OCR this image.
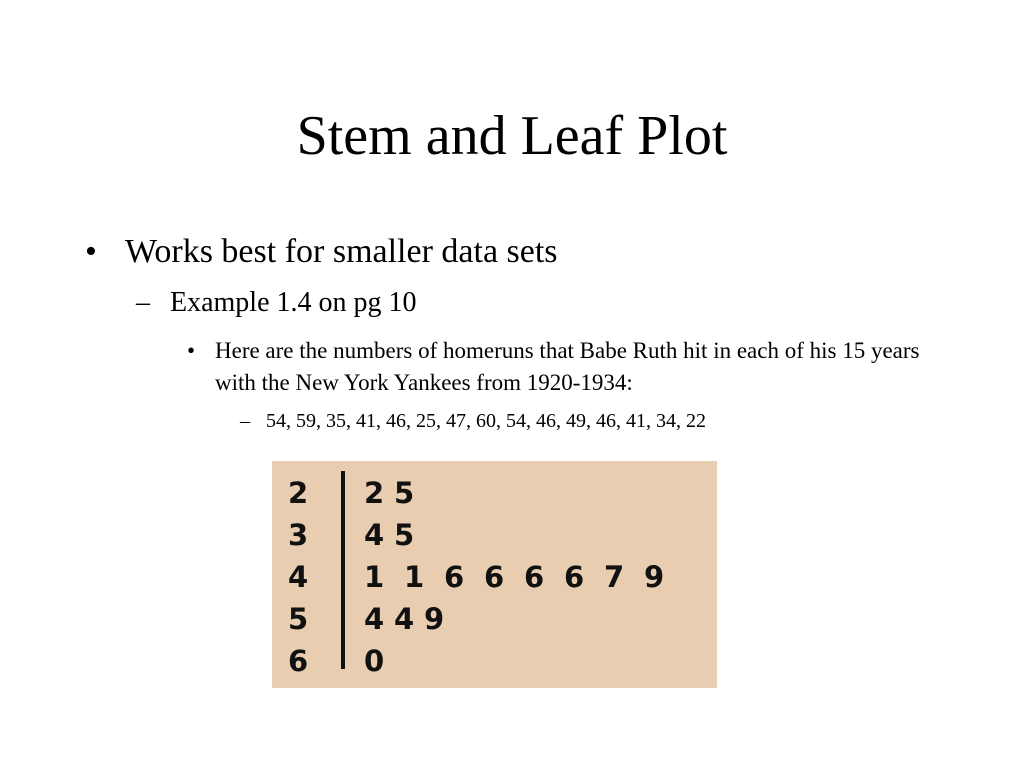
Stem and Leaf Plot
• Works best for smaller data sets
– Example 1.4 on pg 10
• Here are the numbers of homeruns that Babe Ruth hit in each of his 15 years with the New York Yankees from 1920-1934:
– 54, 59, 35, 41, 46, 25, 47, 60, 54, 46, 49, 46, 41, 34, 22
2 2 5
3 4 5
4 1 1 6 6 6 6 7 9
5 4 4 9
6 0
